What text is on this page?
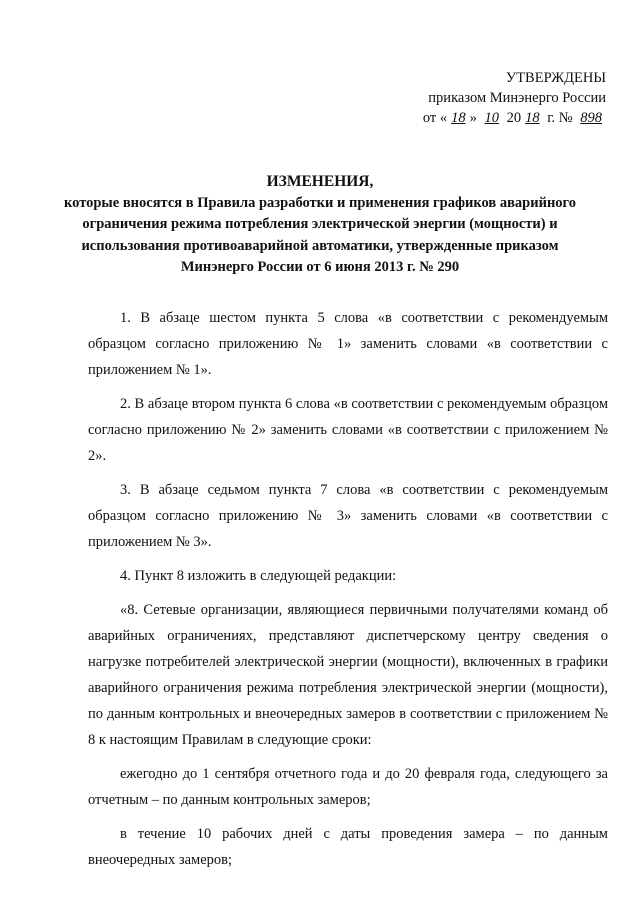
УТВЕРЖДЕНЫ
приказом Минэнерго России
от « 18 » 10 20 18 г. № 898
ИЗМЕНЕНИЯ,
которые вносятся в Правила разработки и применения графиков аварийного
ограничения режима потребления электрической энергии (мощности) и
использования противоаварийной автоматики, утвержденные приказом
Минэнерго России от 6 июня 2013 г. № 290

1. В абзаце шестом пункта 5 слова «в соответствии с рекомендуемым образцом согласно приложению № 1» заменить словами «в соответствии с приложением № 1».

2. В абзаце втором пункта 6 слова «в соответствии с рекомендуемым образцом согласно приложению № 2» заменить словами «в соответствии с приложением № 2».

3. В абзаце седьмом пункта 7 слова «в соответствии с рекомендуемым образцом согласно приложению № 3» заменить словами «в соответствии с приложением № 3».

4. Пункт 8 изложить в следующей редакции:

«8. Сетевые организации, являющиеся первичными получателями команд об аварийных ограничениях, представляют диспетчерскому центру сведения о нагрузке потребителей электрической энергии (мощности), включенных в графики аварийного ограничения режима потребления электрической энергии (мощности), по данным контрольных и внеочередных замеров в соответствии с приложением № 8 к настоящим Правилам в следующие сроки:

ежегодно до 1 сентября отчетного года и до 20 февраля года, следующего за отчетным – по данным контрольных замеров;

в течение 10 рабочих дней с даты проведения замера – по данным внеочередных замеров;
